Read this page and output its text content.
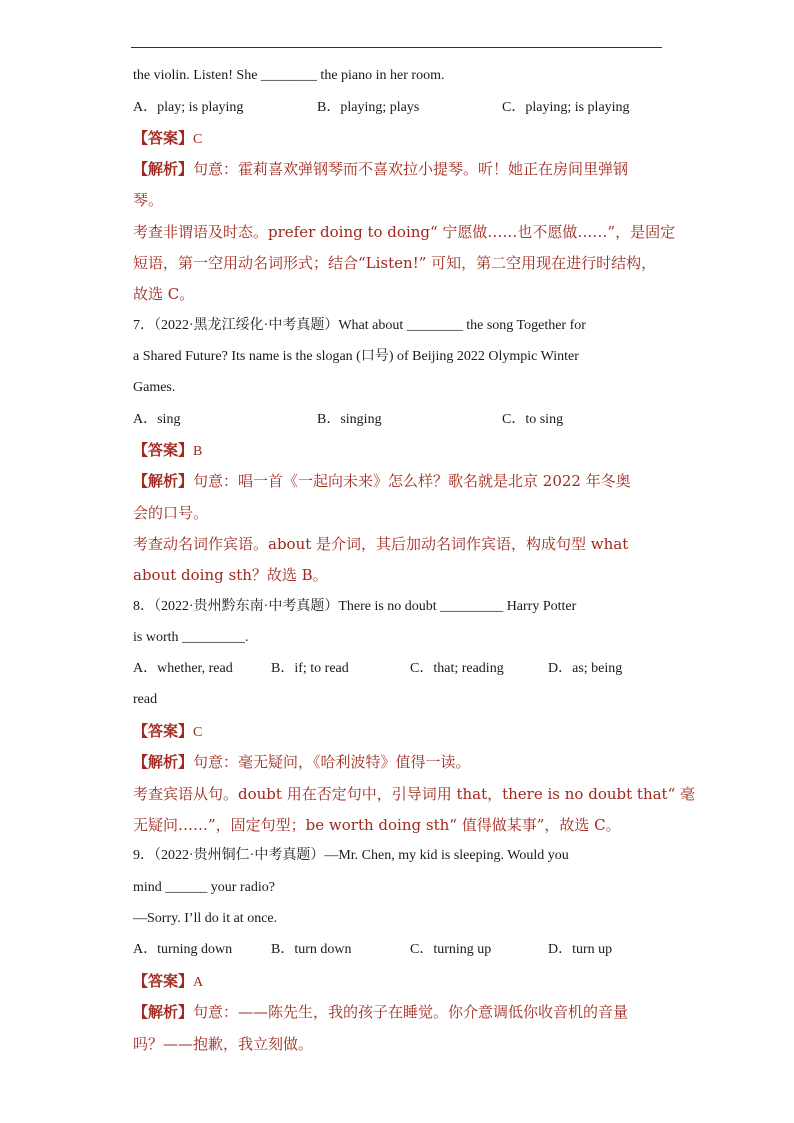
the violin. Listen! She ________ the piano in her room.
A．play; is playing	B．playing; plays	C．playing; is playing
【答案】C
【解析】句意：霍莉喜欢弹钢琴而不喜欢拉小提琴。听！她正在房间里弹钢
琴。
考查非谓语及时态。prefer doing to doing“ 宁愿做……也不愿做……”，是固定
短语，第一空用动名词形式；结合“Listen!” 可知，第二空用现在进行时结构，
故选 C。
7．（2022·黑龙江绥化·中考真题）What about ________ the song Together for
a Shared Future? Its name is the slogan (口号) of Beijing 2022 Olympic Winter
Games.
A．sing	B．singing	C．to sing
【答案】B
【解析】句意：唱一首《一起向未来》怎么样？歌名就是北京 2022 年冬奥
会的口号。
考查动名词作宾语。about 是介词，其后加动名词作宾语，构成句型 what
about doing sth？故选 B。
8．（2022·贵州黔东南·中考真题）There is no doubt _________ Harry Potter
is worth _________.
A．whether, read	B．if; to read	C．that; reading	D．as; being
read
【答案】C
【解析】句意：毫无疑问，《哈利波特》值得一读。
考查宾语从句。doubt 用在否定句中，引导词用 that，there is no doubt that“ 毫
无疑问……”，固定句型；be worth doing sth“ 值得做某事”，故选 C。
9．（2022·贵州铜仁·中考真题）—Mr. Chen, my kid is sleeping. Would you
mind ______ your radio?
—Sorry. I’ll do it at once.
A．turning down	B．turn down	C．turning up	D．turn up
【答案】A
【解析】句意：——陈先生，我的孩子在睡觉。你介意调低你收音机的音量
吗？——抱歉，我立刻做。
